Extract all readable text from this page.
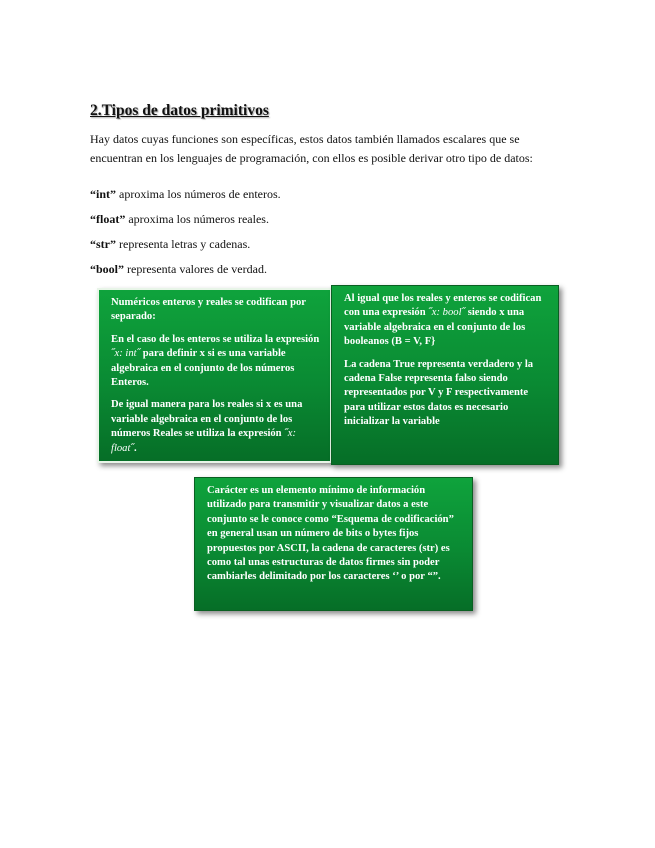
2.Tipos de datos primitivos

Hay datos cuyas funciones son específicas, estos datos también llamados escalares que se encuentran en los lenguajes de programación, con ellos es posible derivar otro tipo de datos:

“int” aproxima los números de enteros.

“float” aproxima los números reales.

“str” representa letras y cadenas.

“bool” representa valores de verdad.

Numéricos enteros y reales se codifican por separado:

En el caso de los enteros se utiliza la expresión ˝x: int˝ para definir x si es una variable algebraica en el conjunto de los números Enteros.

De igual manera para los reales si x es una variable algebraica en el conjunto de los números Reales se utiliza la expresión ˝x: float˝.

Al igual que los reales y enteros se codifican con una expresión ˝x: bool˝ siendo x una variable algebraica en el conjunto de los booleanos (B = V, F}

La cadena True representa verdadero y la cadena False representa falso siendo representados por V y F respectivamente para utilizar estos datos es necesario inicializar la variable

Carácter es un elemento mínimo de información utilizado para transmitir y visualizar datos a este conjunto se le conoce como “Esquema de codificación” en general usan un número de bits o bytes fijos propuestos por ASCII, la cadena de caracteres (str) es como tal unas estructuras de datos firmes sin poder cambiarles delimitado por los caracteres ‘’ o por “”.
